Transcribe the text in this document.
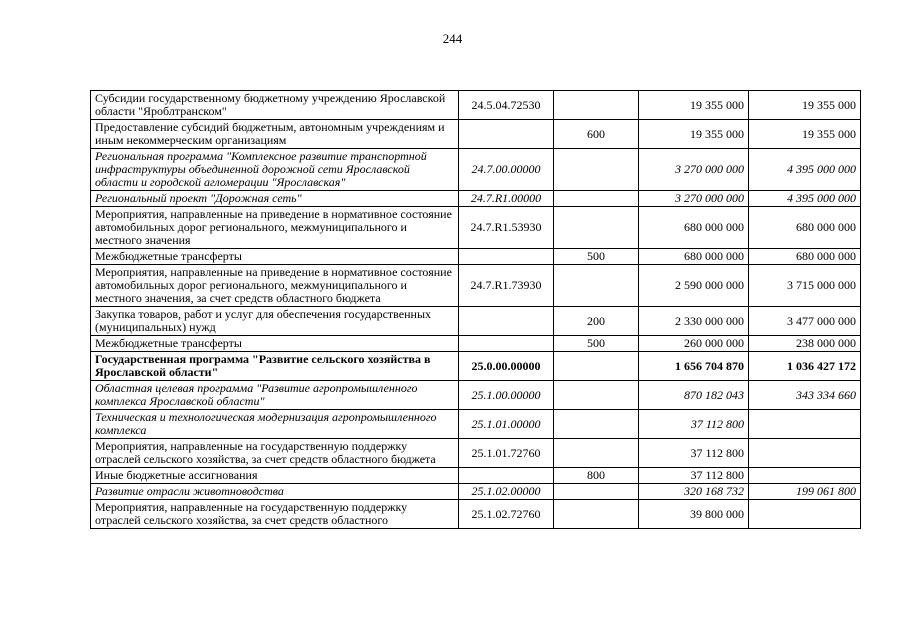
244
Субсидии государственному бюджетному учреждению Ярославской области "Яроблтранском"	24.5.04.72530		19 355 000	19 355 000
Предоставление субсидий бюджетным, автономным учреждениям и иным некоммерческим организациям		600	19 355 000	19 355 000
Региональная программа "Комплексное развитие транспортной инфраструктуры объединенной дорожной сети Ярославской области и городской агломерации "Ярославская"	24.7.00.00000		3 270 000 000	4 395 000 000
Региональный проект "Дорожная сеть"	24.7.R1.00000		3 270 000 000	4 395 000 000
Мероприятия, направленные на приведение в нормативное состояние автомобильных дорог регионального, межмуниципального и местного значения	24.7.R1.53930		680 000 000	680 000 000
Межбюджетные трансферты		500	680 000 000	680 000 000
Мероприятия, направленные на приведение в нормативное состояние автомобильных дорог регионального, межмуниципального и местного значения, за счет средств областного бюджета	24.7.R1.73930		2 590 000 000	3 715 000 000
Закупка товаров, работ и услуг для обеспечения государственных (муниципальных) нужд		200	2 330 000 000	3 477 000 000
Межбюджетные трансферты		500	260 000 000	238 000 000
Государственная программа "Развитие сельского хозяйства в Ярославской области"	25.0.00.00000		1 656 704 870	1 036 427 172
Областная целевая программа "Развитие агропромышленного комплекса Ярославской области"	25.1.00.00000		870 182 043	343 334 660
Техническая и технологическая модернизация агропромышленного комплекса	25.1.01.00000		37 112 800	
Мероприятия, направленные на государственную поддержку отраслей сельского хозяйства, за счет средств областного бюджета	25.1.01.72760		37 112 800	
Иные бюджетные ассигнования		800	37 112 800	
Развитие отрасли животноводства	25.1.02.00000		320 168 732	199 061 800
Мероприятия, направленные на государственную поддержку отраслей сельского хозяйства, за счет средств областного	25.1.02.72760		39 800 000	
